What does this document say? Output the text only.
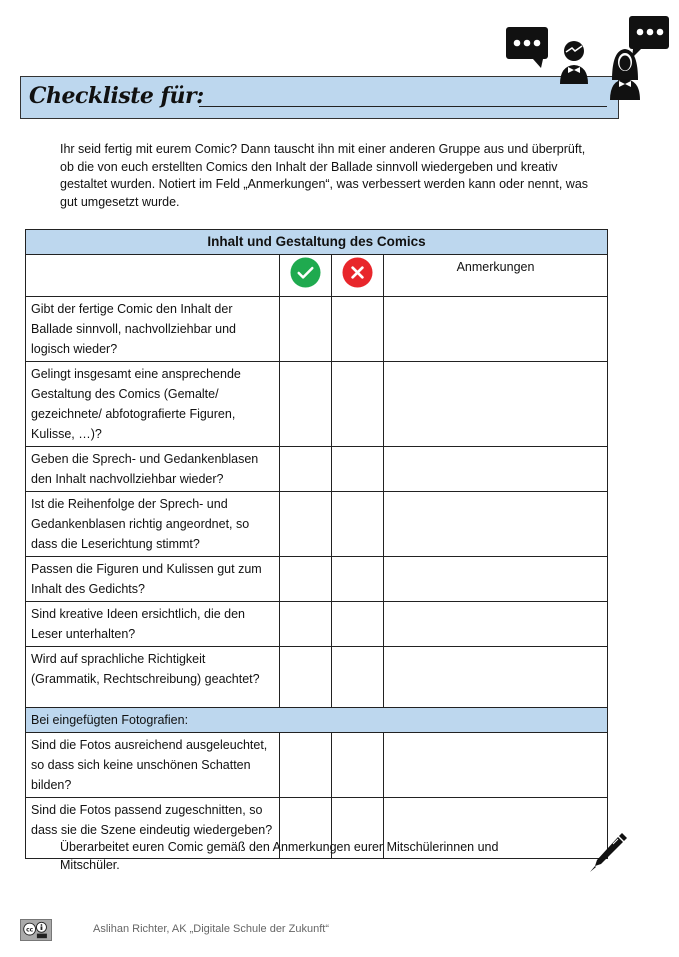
Checkliste für:
Ihr seid fertig mit eurem Comic? Dann tauscht ihn mit einer anderen Gruppe aus und überprüft, ob die von euch erstellten Comics den Inhalt der Ballade sinnvoll wiedergeben und kreativ gestaltet wurden. Notiert im Feld „Anmerkungen“, was verbessert werden kann oder nennt, was gut umgesetzt wurde.
Inhalt und Gestaltung des Comics			
			Anmerkungen
Gibt der fertige Comic den Inhalt der Ballade sinnvoll, nachvollziehbar und logisch wieder?			
Gelingt insgesamt eine ansprechende Gestaltung des Comics (Gemalte/ gezeichnete/ abfotografierte Figuren, Kulisse, …)?			
Geben die Sprech- und Gedankenblasen den Inhalt nachvollziehbar wieder?			
Ist die Reihenfolge der Sprech- und Gedankenblasen richtig angeordnet, so dass die Leserichtung stimmt?			
Passen die Figuren und Kulissen gut zum Inhalt des Gedichts?			
Sind kreative Ideen ersichtlich, die den Leser unterhalten?			
Wird auf sprachliche Richtigkeit (Grammatik, Rechtschreibung) geachtet?			
Bei eingefügten Fotografien:			
Sind die Fotos ausreichend ausgeleuchtet, so dass sich keine unschönen Schatten bilden?			
Sind die Fotos passend zugeschnitten, so dass sie die Szene eindeutig wiedergeben?			
Überarbeitet euren Comic gemäß den Anmerkungen eurer Mitschülerinnen und Mitschüler.
cc	Aslihan Richter, AK „Digitale Schule der Zukunft“
